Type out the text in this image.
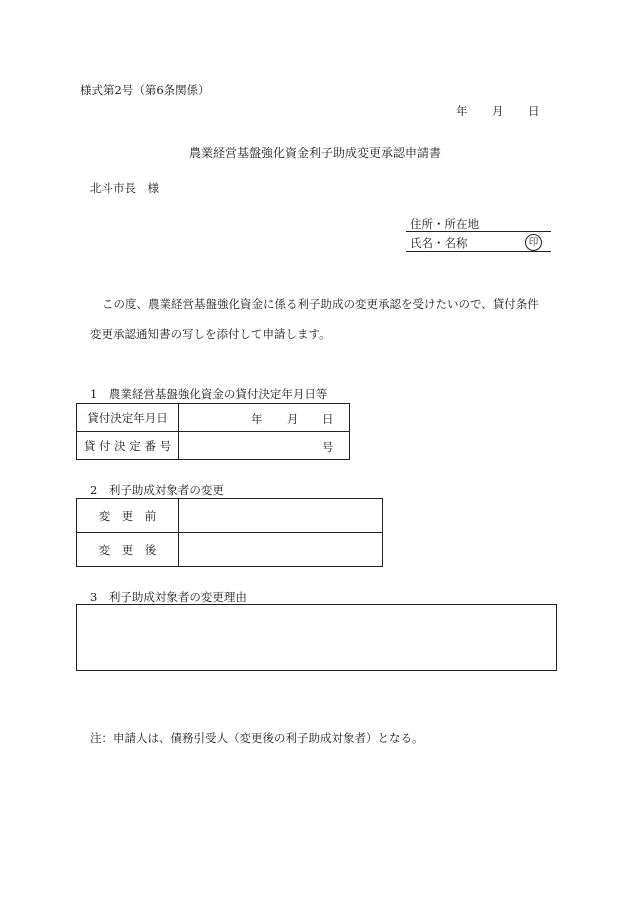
様式第2号（第6条関係）
年 月 日
農業経営基盤強化資金利子助成変更承認申請書
北斗市長　様
住所・所在地
氏名・名称	印
この度、農業経営基盤強化資金に係る利子助成の変更承認を受けたいので、貸付条件
変更承認通知書の写しを添付して申請します。
1　農業経営基盤強化資金の貸付決定年月日等
貸付決定年月日	年 月 日

貸 付 決 定 番 号	号
2　利子助成対象者の変更
変　更　前	
変　更　後	
3　利子助成対象者の変更理由
注：申請人は、債務引受人（変更後の利子助成対象者）となる。
